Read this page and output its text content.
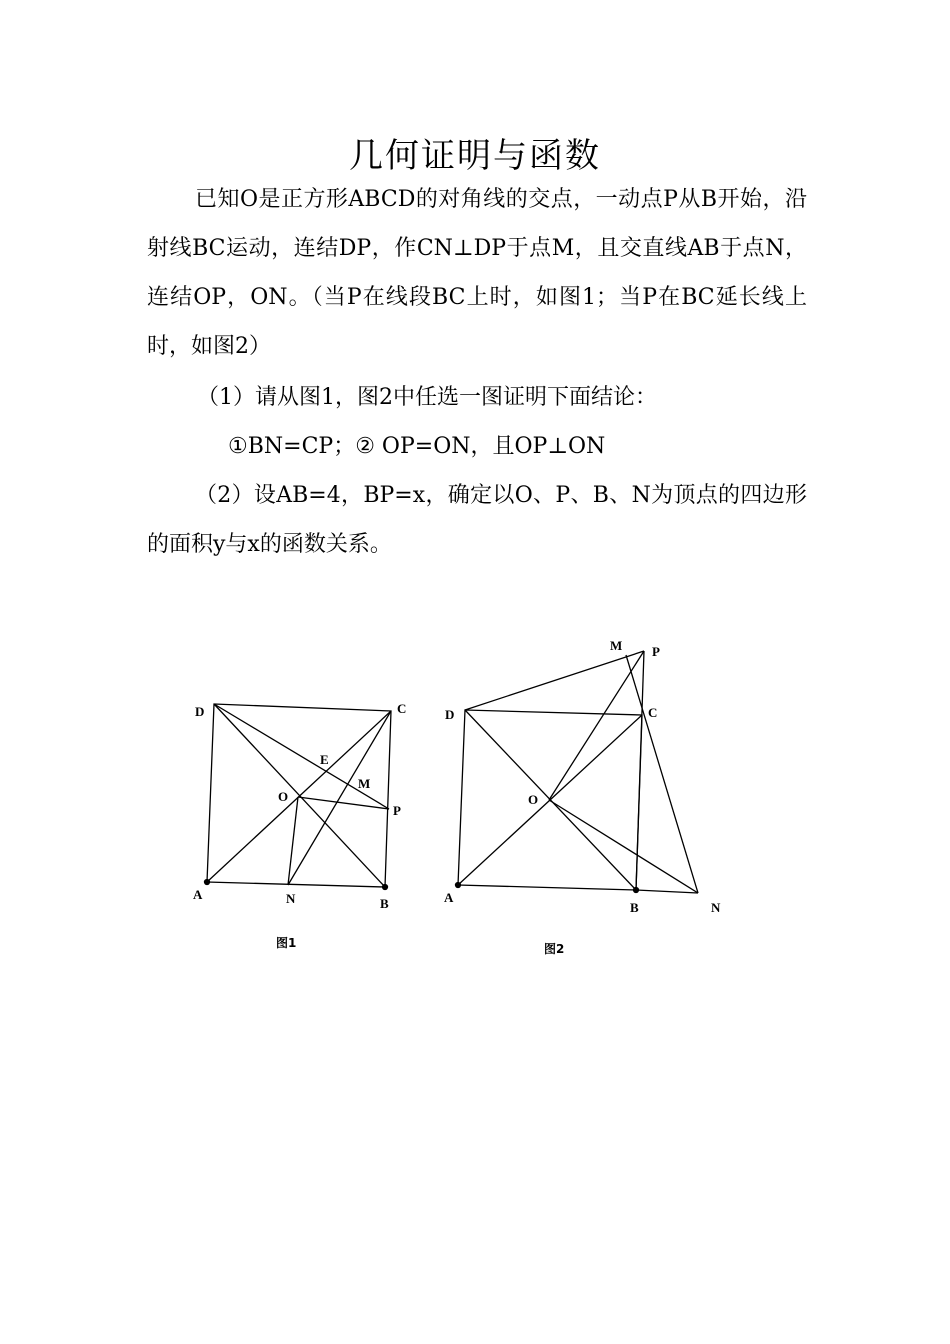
几何证明与函数

已知O是正方形ABCD的对角线的交点，一动点P从B开始，沿射线BC运动，连结DP，作CN⊥DP于点M，且交直线AB于点N，连结OP，ON。（当P在线段BC上时，如图1；当P在BC延长线上时，如图2）

（1）请从图1，图2中任选一图证明下面结论：

①BN=CP；② OP=ON，且OP⊥ON

（2）设AB=4，BP=x，确定以O、P、B、N为顶点的四边形的面积y与x的函数关系。

D	C
E
M
O
P
A	N	B
图1
M P
D	C
O
A
B	N
图2
